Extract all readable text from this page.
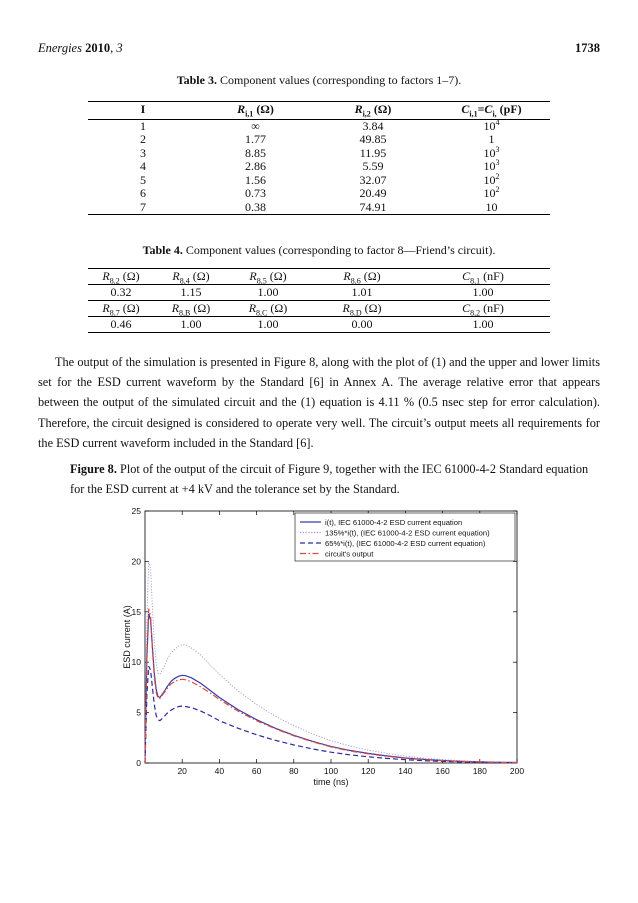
Energies 2010, 3	1738
Table 3. Component values (corresponding to factors 1–7).
I	$R_{i,1}$ (Ω)	$R_{i,2}$ (Ω)	$C_{i,1}=C_{i,}$ (pF)
1	∞	3.84	$10^4$
2	1.77	49.85	1
3	8.85	11.95	$10^3$
4	2.86	5.59	$10^3$
5	1.56	32.07	$10^2$
6	0.73	20.49	$10^2$
7	0.38	74.91	10
Table 4. Component values (corresponding to factor 8—Friend’s circuit).
$R_{8,2}$ (Ω)	$R_{8,4}$ (Ω)	$R_{8,5}$ (Ω)	$R_{8,6}$ (Ω)	$C_{8,1}$ (nF)
0.32	1.15	1.00	1.01	1.00
$R_{8,7}$ (Ω)	$R_{8,B}$ (Ω)	$R_{8,C}$ (Ω)	$R_{8,D}$ (Ω)	$C_{8,2}$ (nF)
0.46	1.00	1.00	0.00	1.00

The output of the simulation is presented in Figure 8, along with the plot of (1) and the upper and lower limits set for the ESD current waveform by the Standard [6] in Annex A. The average relative error that appears between the output of the simulated circuit and the (1) equation is 4.11 % (0.5 nsec step for error calculation). Therefore, the circuit designed is considered to operate very well. The circuit’s output meets all requirements for the ESD current waveform included in the Standard [6].

Figure 8. Plot of the output of the circuit of Figure 9, together with the IEC 61000-4-2 Standard equation for the ESD current at +4 kV and the tolerance set by the Standard.
20	40	60	80	100	120	140	160	180	200
0
5
10
15
20
25
time (ns)
ESD current (A)
i(t), IEC 61000-4-2 ESD current equation
135%*i(t), (IEC 61000-4-2 ESD current equation)
65%*i(t), (IEC 61000-4-2 ESD current equation)
circuit's output
